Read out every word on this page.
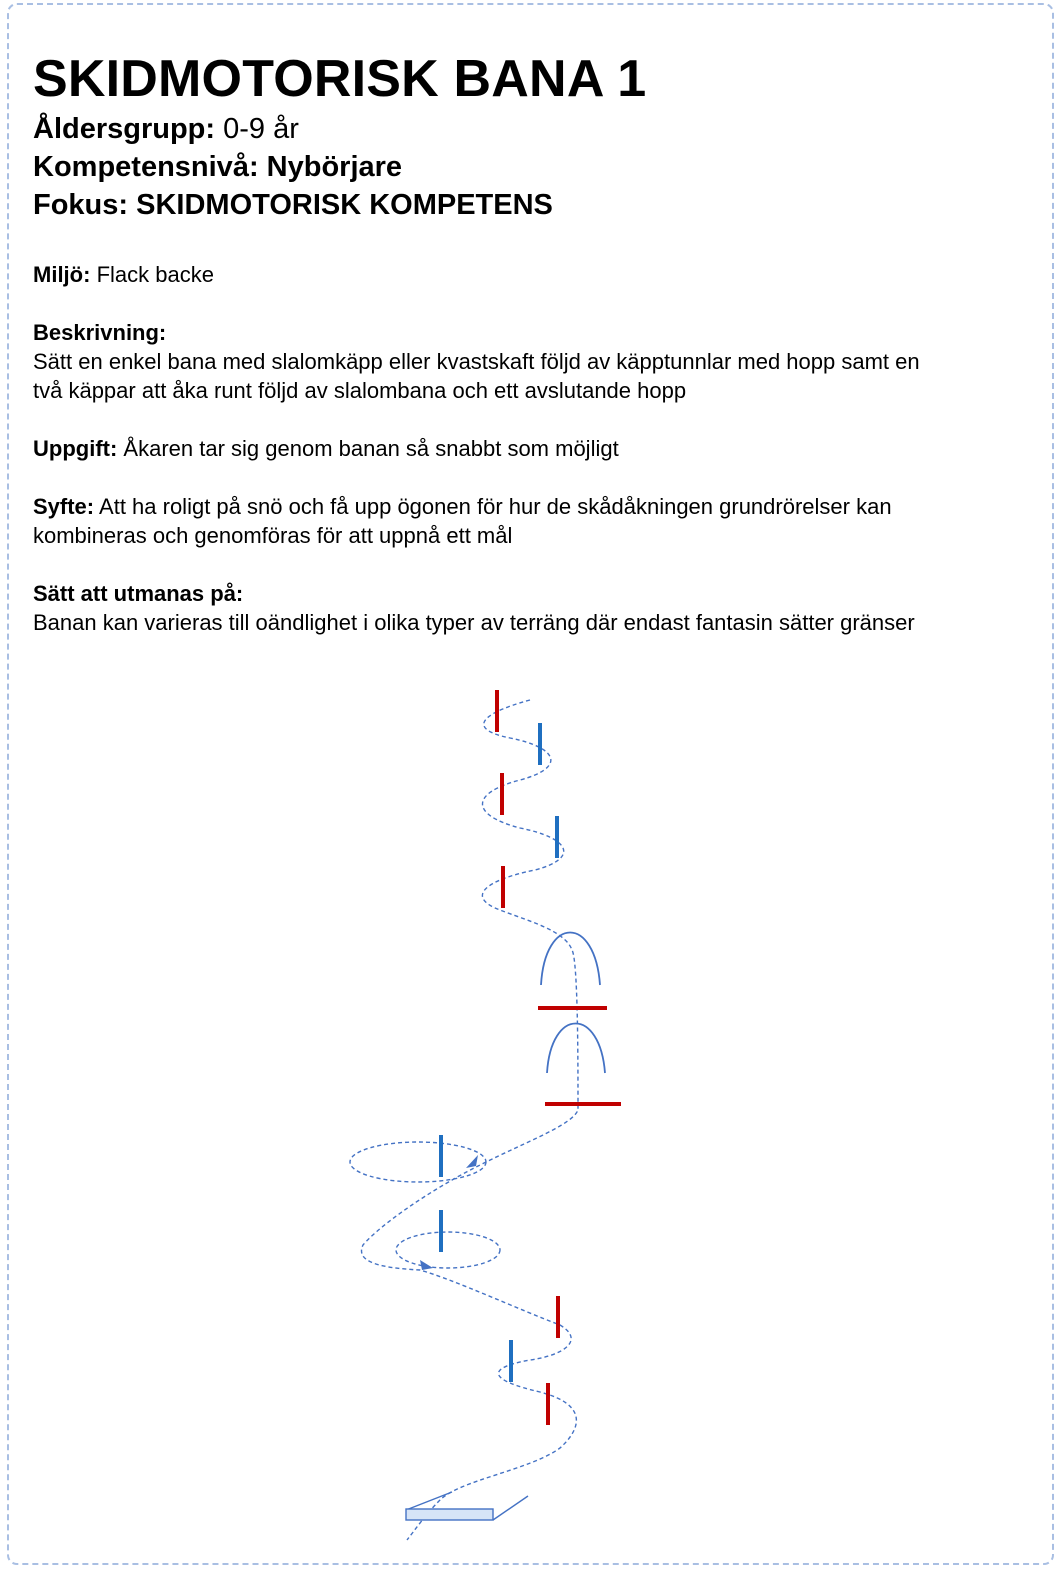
SKIDMOTORISK BANA 1
Åldersgrupp: 0-9 år
Kompetensnivå: Nybörjare
Fokus: SKIDMOTORISK KOMPETENS
Miljö: Flack backe
Beskrivning:
Sätt en enkel bana med slalomkäpp eller kvastskaft följd av käpptunnlar med hopp samt en
två käppar att åka runt följd av slalombana och ett avslutande hopp
Uppgift: Åkaren tar sig genom banan så snabbt som möjligt
Syfte: Att ha roligt på snö och få upp ögonen för hur de skådåkningen grundrörelser kan
kombineras och genomföras för att uppnå ett mål
Sätt att utmanas på:
Banan kan varieras till oändlighet i olika typer av terräng där endast fantasin sätter gränser
